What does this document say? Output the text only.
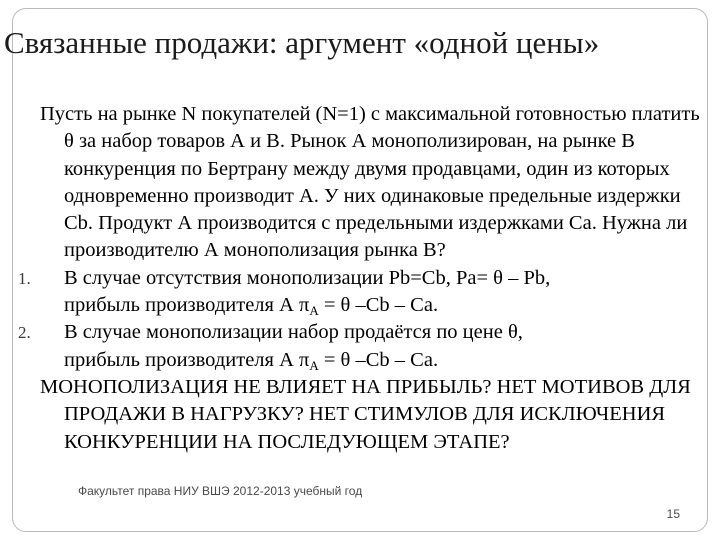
Связанные продажи: аргумент «одной цены»

Пусть на рынке N покупателей (N=1) с максимальной готовностью платить θ за набор товаров А и В. Рынок А монополизирован, на рынке В конкуренция по Бертрану между двумя продавцами, один из которых одновременно производит А. У них одинаковые предельные издержки Cb. Продукт А производится с предельными издержками Ca. Нужна ли производителю А монополизация рынка В?

1. В случае отсутствия монополизации Pb=Cb, Pa= θ – Pb,
прибыль производителя А $\pi_A = \theta$ –Cb – Ca.
2. В случае монополизации набор продаётся по цене θ,
прибыль производителя А $\pi_A = \theta$ –Cb – Ca.

МОНОПОЛИЗАЦИЯ НЕ ВЛИЯЕТ НА ПРИБЫЛЬ? НЕТ МОТИВОВ ДЛЯ ПРОДАЖИ В НАГРУЗКУ? НЕТ СТИМУЛОВ ДЛЯ ИСКЛЮЧЕНИЯ КОНКУРЕНЦИИ НА ПОСЛЕДУЮЩЕМ ЭТАПЕ?

Факультет права НИУ ВШЭ 2012-2013 учебный год
15
